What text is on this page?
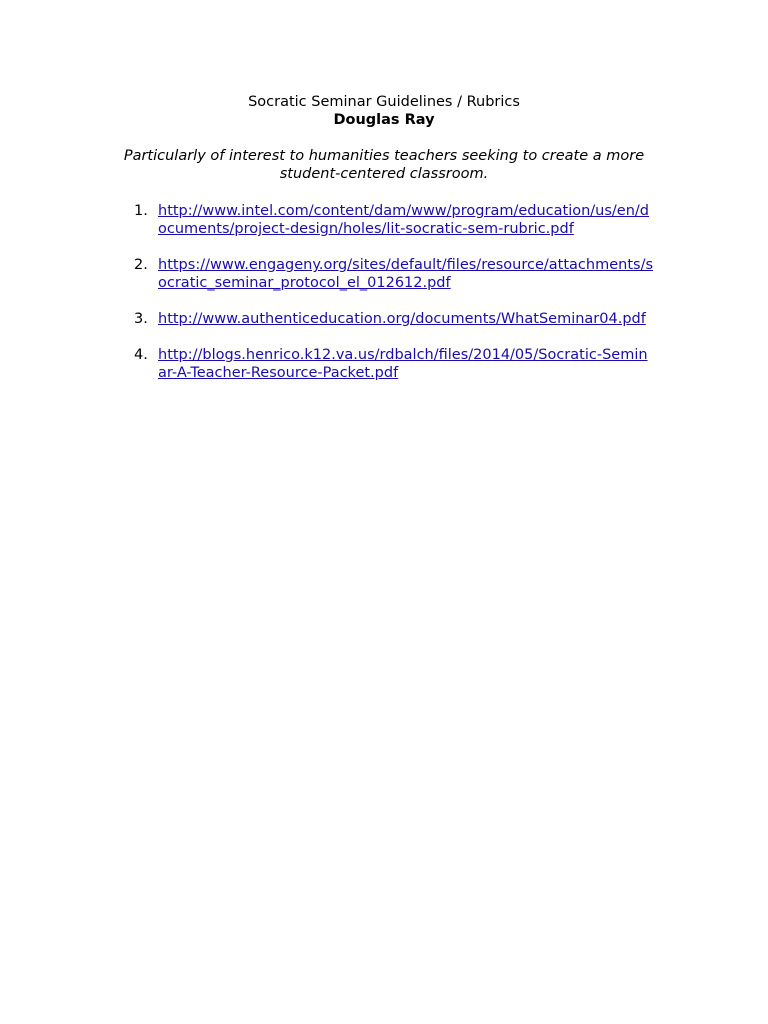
Socratic Seminar Guidelines / Rubrics
Douglas Ray
Particularly of interest to humanities teachers seeking to create a more student-centered classroom.
1. http://www.intel.com/content/dam/www/program/education/us/en/documents/project-design/holes/lit-socratic-sem-rubric.pdf
2. https://www.engageny.org/sites/default/files/resource/attachments/socratic_seminar_protocol_el_012612.pdf
3. http://www.authenticeducation.org/documents/WhatSeminar04.pdf
4. http://blogs.henrico.k12.va.us/rdbalch/files/2014/05/Socratic-Seminar-A-Teacher-Resource-Packet.pdf
